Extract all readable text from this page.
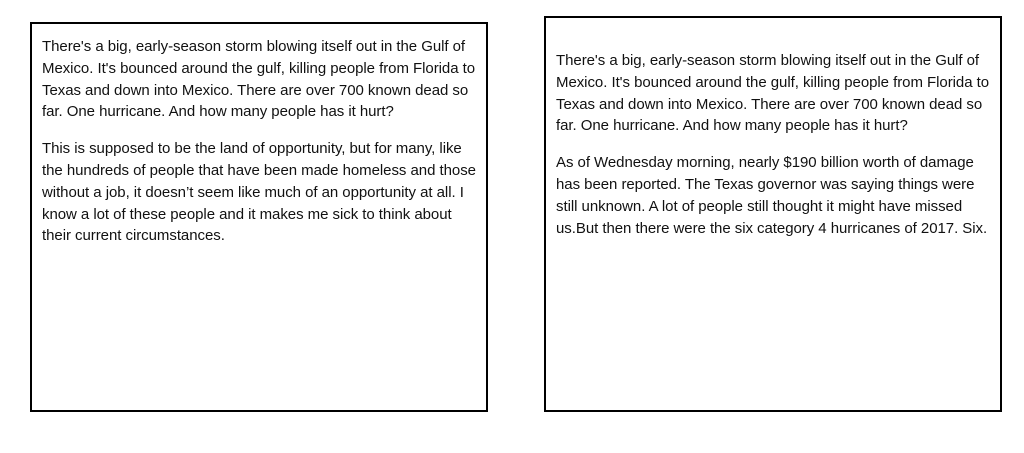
There's a big, early-season storm blowing itself out in the Gulf of Mexico. It's bounced around the gulf, killing people from Florida to Texas and down into Mexico. There are over 700 known dead so far. One hurricane. And how many people has it hurt?

This is supposed to be the land of opportunity, but for many, like the hundreds of people that have been made homeless and those without a job, it doesn’t seem like much of an opportunity at all. I know a lot of these people and it makes me sick to think about their current circumstances.

There's a big, early-season storm blowing itself out in the Gulf of Mexico. It's bounced around the gulf, killing people from Florida to Texas and down into Mexico. There are over 700 known dead so far. One hurricane. And how many people has it hurt?

As of Wednesday morning, nearly $190 billion worth of damage has been reported. The Texas governor was saying things were still unknown. A lot of people still thought it might have missed us.But then there were the six category 4 hurricanes of 2017. Six.
